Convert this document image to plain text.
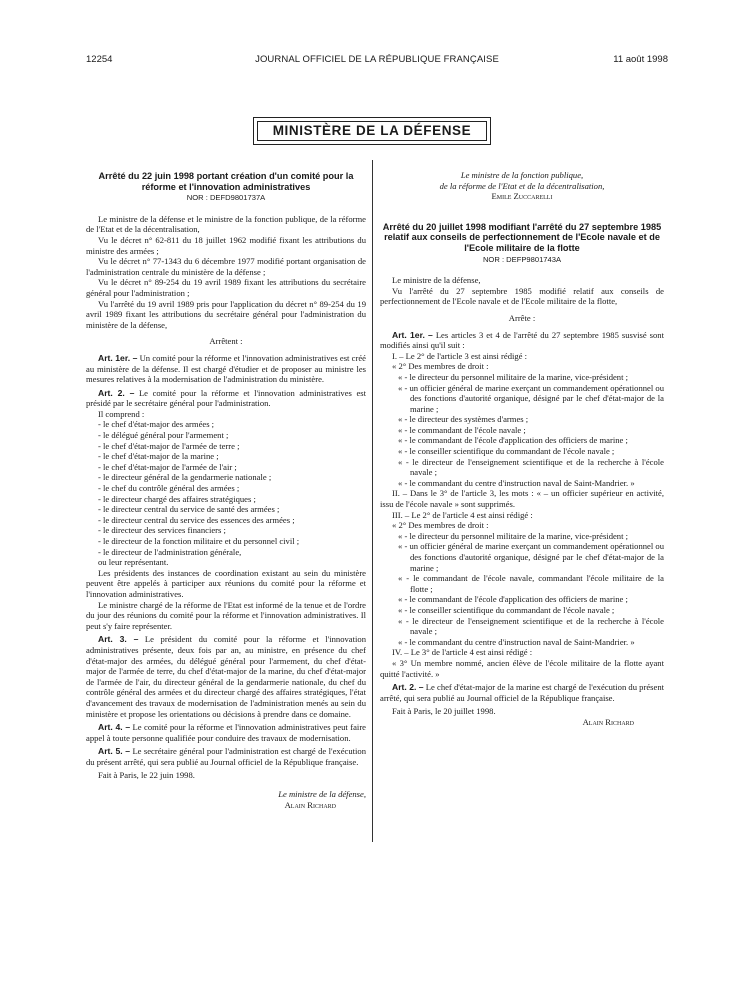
12254	JOURNAL OFFICIEL DE LA RÉPUBLIQUE FRANÇAISE	11 août 1998
MINISTÈRE DE LA DÉFENSE

Arrêté du 22 juin 1998 portant création d'un comité pour la réforme et l'innovation administratives

NOR : DEFD9801737A

Le ministre de la défense et le ministre de la fonction publique, de la réforme de l'Etat et de la décentralisation,

Vu le décret n° 62-811 du 18 juillet 1962 modifié fixant les attributions du ministre des armées ;

Vu le décret n° 77-1343 du 6 décembre 1977 modifié portant organisation de l'administration centrale du ministère de la défense ;

Vu le décret n° 89-254 du 19 avril 1989 fixant les attributions du secrétaire général pour l'administration ;

Vu l'arrêté du 19 avril 1989 pris pour l'application du décret n° 89-254 du 19 avril 1989 fixant les attributions du secrétaire général pour l'administration du ministère de la défense,

Arrêtent :

Art. 1er. – Un comité pour la réforme et l'innovation administratives est créé au ministère de la défense. Il est chargé d'étudier et de proposer au ministre les mesures relatives à la modernisation de l'administration du ministère.

Art. 2. – Le comité pour la réforme et l'innovation administratives est présidé par le secrétaire général pour l'administration.

Il comprend :

- le chef d'état-major des armées ;

- le délégué général pour l'armement ;

- le chef d'état-major de l'armée de terre ;

- le chef d'état-major de la marine ;

- le chef d'état-major de l'armée de l'air ;

- le directeur général de la gendarmerie nationale ;

- le chef du contrôle général des armées ;

- le directeur chargé des affaires stratégiques ;

- le directeur central du service de santé des armées ;

- le directeur central du service des essences des armées ;

- le directeur des services financiers ;

- le directeur de la fonction militaire et du personnel civil ;

- le directeur de l'administration générale,

ou leur représentant.

Les présidents des instances de coordination existant au sein du ministère peuvent être appelés à participer aux réunions du comité pour la réforme et l'innovation administratives.

Le ministre chargé de la réforme de l'Etat est informé de la tenue et de l'ordre du jour des réunions du comité pour la réforme et l'innovation administratives. Il peut s'y faire représenter.

Art. 3. – Le président du comité pour la réforme et l'innovation administratives présente, deux fois par an, au ministre, en présence du chef d'état-major des armées, du délégué général pour l'armement, du chef d'état-major de l'armée de terre, du chef d'état-major de la marine, du chef d'état-major de l'armée de l'air, du directeur général de la gendarmerie nationale, du chef du contrôle général des armées et du directeur chargé des affaires stratégiques, l'état d'avancement des travaux de modernisation de l'administration menés au sein du ministère et propose les orientations ou décisions à prendre dans ce domaine.

Art. 4. – Le comité pour la réforme et l'innovation administratives peut faire appel à toute personne qualifiée pour conduire des travaux de modernisation.

Art. 5. – Le secrétaire général pour l'administration est chargé de l'exécution du présent arrêté, qui sera publié au Journal officiel de la République française.

Fait à Paris, le 22 juin 1998.

Le ministre de la défense,

Alain Richard

Le ministre de la fonction publique,

de la réforme de l'Etat et de la décentralisation,

Emile Zuccarelli

Arrêté du 20 juillet 1998 modifiant l'arrêté du 27 septembre 1985 relatif aux conseils de perfectionnement de l'Ecole navale et de l'Ecole militaire de la flotte

NOR : DEFP9801743A

Le ministre de la défense,

Vu l'arrêté du 27 septembre 1985 modifié relatif aux conseils de perfectionnement de l'Ecole navale et de l'Ecole militaire de la flotte,

Arrête :

Art. 1er. – Les articles 3 et 4 de l'arrêté du 27 septembre 1985 susvisé sont modifiés ainsi qu'il suit :

I. – Le 2° de l'article 3 est ainsi rédigé :

« 2° Des membres de droit :

« - le directeur du personnel militaire de la marine, vice-président ;

« - un officier général de marine exerçant un commandement opérationnel ou des fonctions d'autorité organique, désigné par le chef d'état-major de la marine ;

« - le directeur des systèmes d'armes ;

« - le commandant de l'école navale ;

« - le commandant de l'école d'application des officiers de marine ;

« - le conseiller scientifique du commandant de l'école navale ;

« - le directeur de l'enseignement scientifique et de la recherche à l'école navale ;

« - le commandant du centre d'instruction naval de Saint-Mandrier. »

II. – Dans le 3° de l'article 3, les mots : « – un officier supérieur en activité, issu de l'école navale » sont supprimés.

III. – Le 2° de l'article 4 est ainsi rédigé :

« 2° Des membres de droit :

« - le directeur du personnel militaire de la marine, vice-président ;

« - un officier général de marine exerçant un commandement opérationnel ou des fonctions d'autorité organique, désigné par le chef d'état-major de la marine ;

« - le commandant de l'école navale, commandant l'école militaire de la flotte ;

« - le commandant de l'école d'application des officiers de marine ;

« - le conseiller scientifique du commandant de l'école navale ;

« - le directeur de l'enseignement scientifique et de la recherche à l'école navale ;

« - le commandant du centre d'instruction naval de Saint-Mandrier. »

IV. – Le 3° de l'article 4 est ainsi rédigé :

« 3° Un membre nommé, ancien élève de l'école militaire de la flotte ayant quitté l'activité. »

Art. 2. – Le chef d'état-major de la marine est chargé de l'exécution du présent arrêté, qui sera publié au Journal officiel de la République française.

Fait à Paris, le 20 juillet 1998.

Alain Richard
